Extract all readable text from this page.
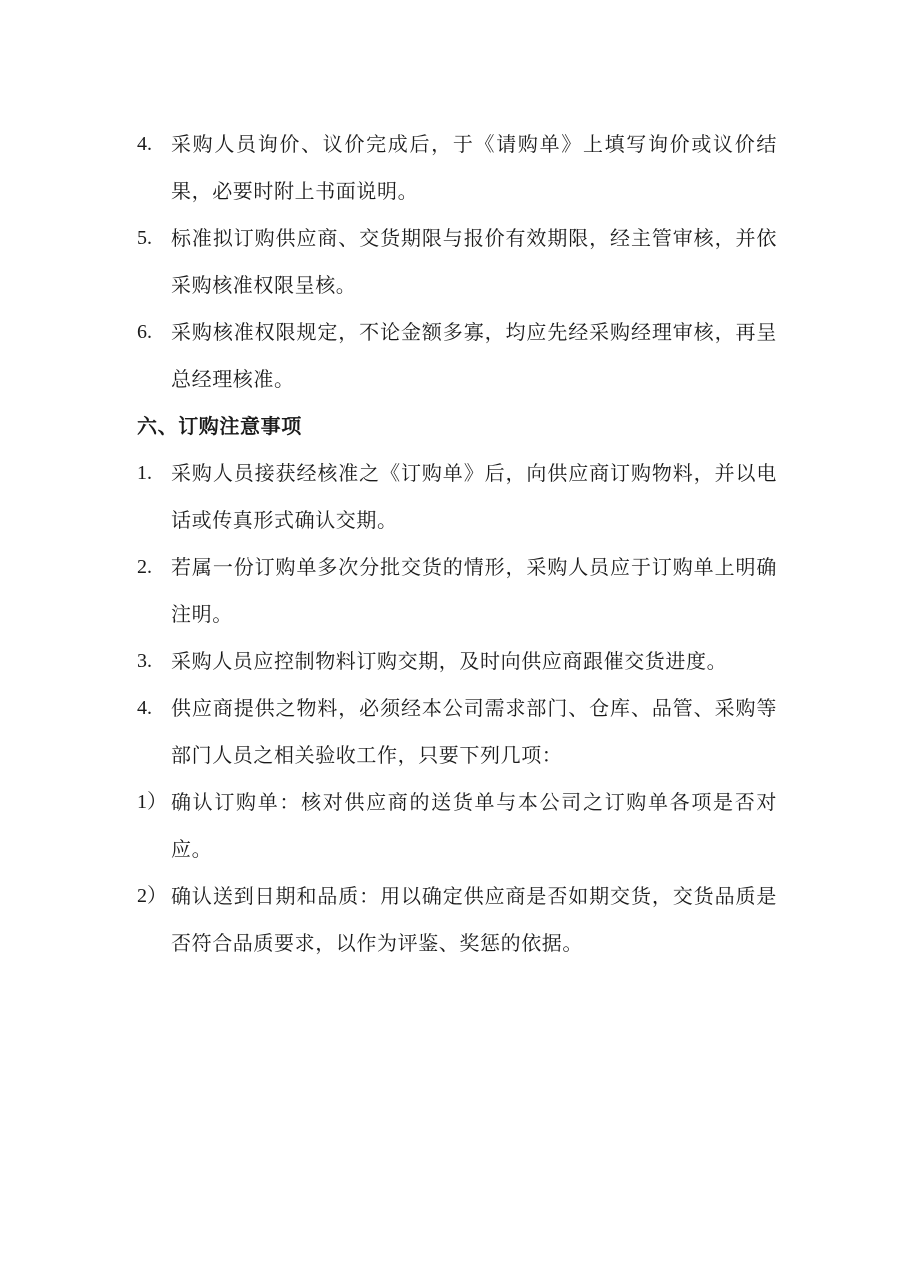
4. 采购人员询价、议价完成后，于《请购单》上填写询价或议价结果，必要时附上书面说明。
5. 标准拟订购供应商、交货期限与报价有效期限，经主管审核，并依采购核准权限呈核。
6. 采购核准权限规定，不论金额多寡，均应先经采购经理审核，再呈总经理核准。
六、订购注意事项
1. 采购人员接获经核准之《订购单》后，向供应商订购物料，并以电话或传真形式确认交期。
2. 若属一份订购单多次分批交货的情形，采购人员应于订购单上明确注明。
3. 采购人员应控制物料订购交期，及时向供应商跟催交货进度。
4. 供应商提供之物料，必须经本公司需求部门、仓库、品管、采购等部门人员之相关验收工作，只要下列几项：
1） 确认订购单：核对供应商的送货单与本公司之订购单各项是否对应。
2） 确认送到日期和品质：用以确定供应商是否如期交货，交货品质是否符合品质要求，以作为评鉴、奖惩的依据。
